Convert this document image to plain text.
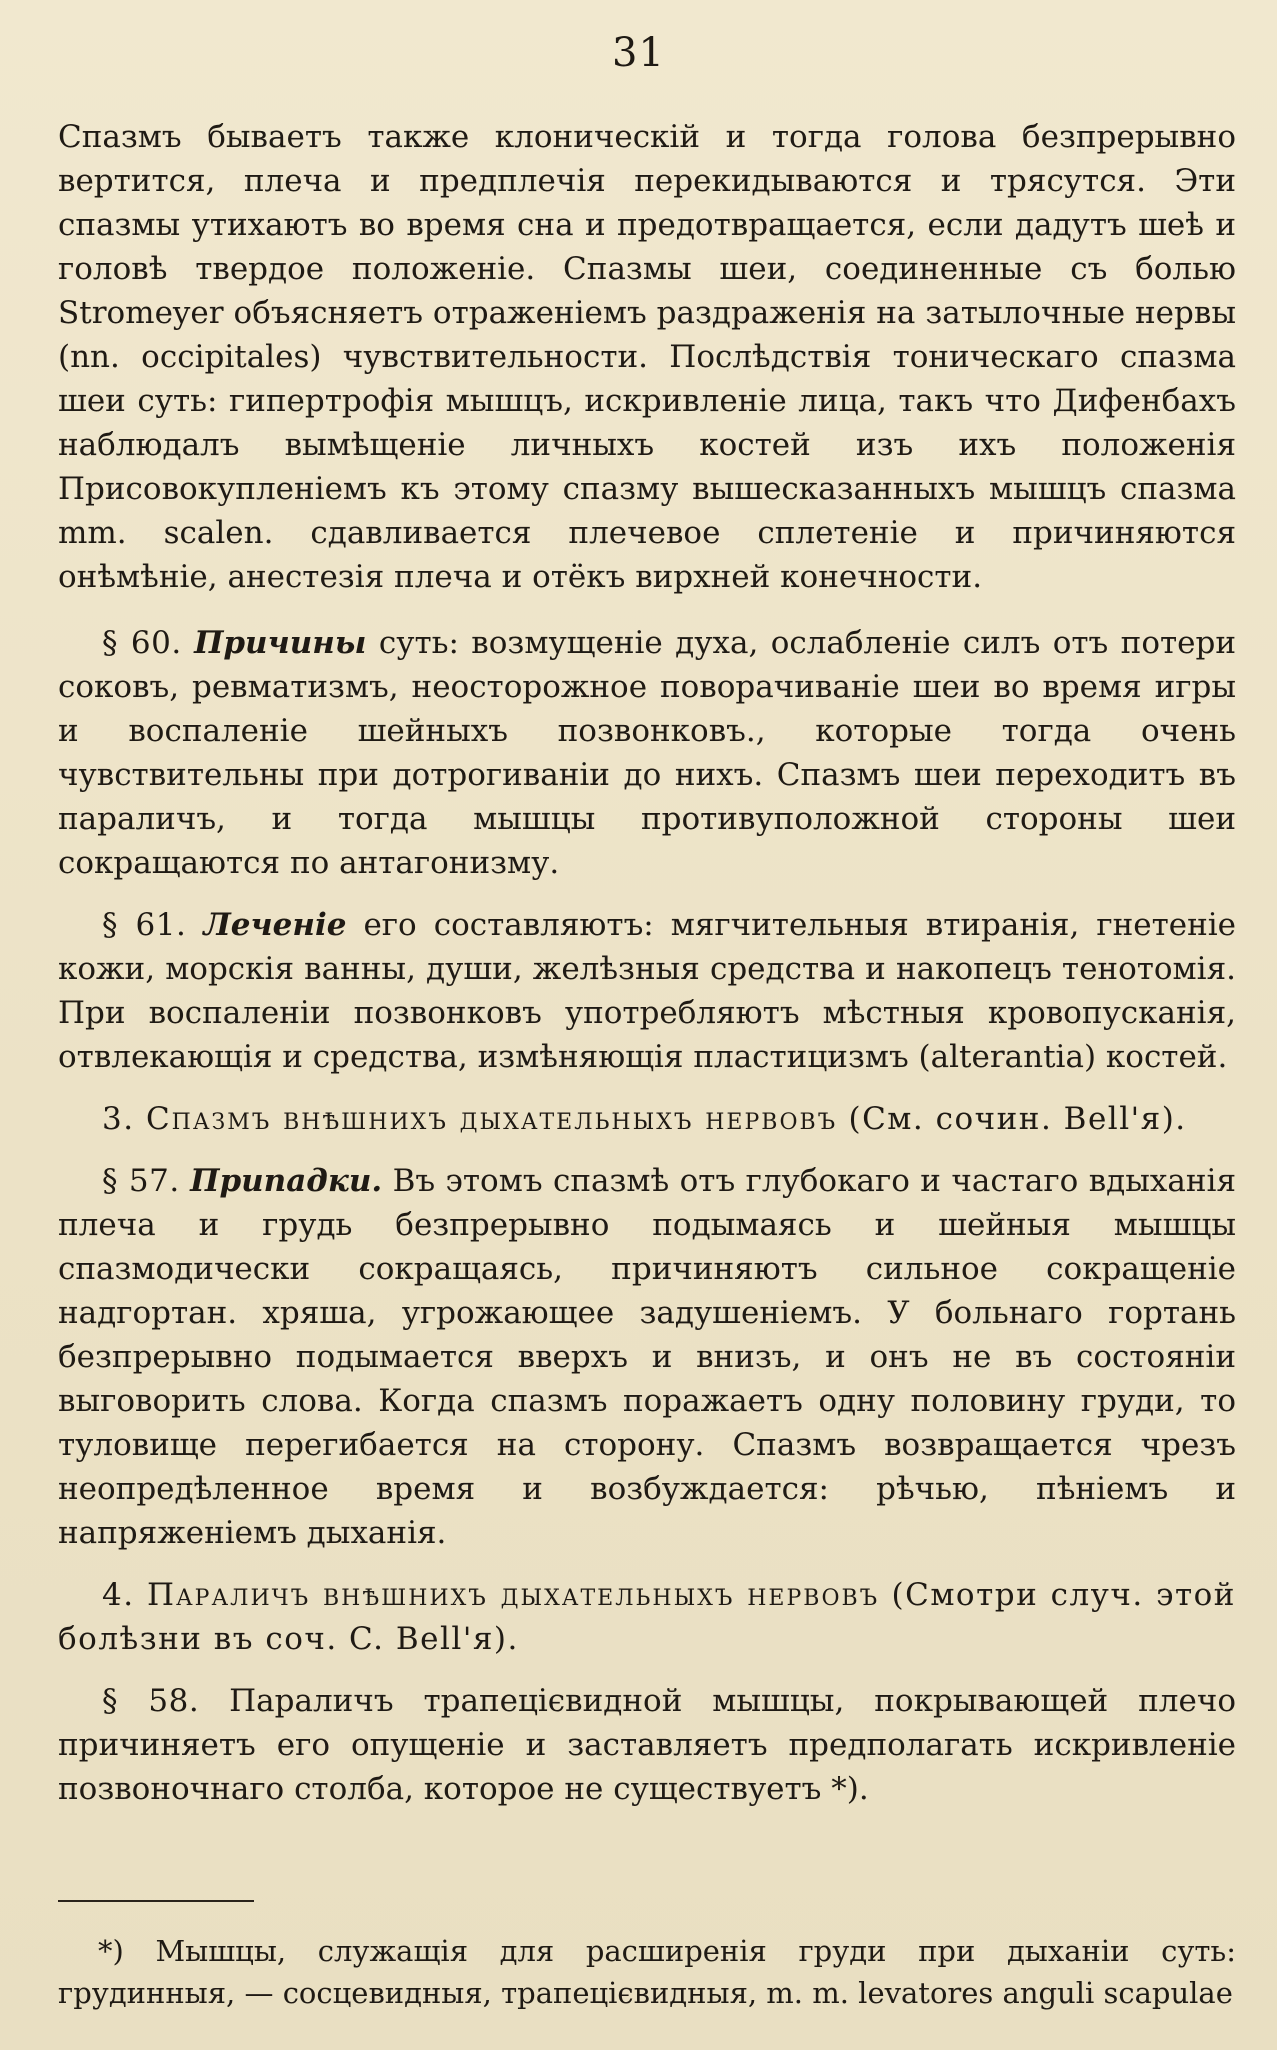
31

Спазмъ бываетъ также клоническій и тогда голова безпрерывно вертится, плеча и предплечія перекидываются и трясутся. Эти спазмы утихаютъ во время сна и предотвращается, если дадутъ шеѣ и головѣ твердое положеніе. Спазмы шеи, соединенные съ болью Stromeyer объясняетъ отраженіемъ раздраженія на затылочные нервы (nn. occipitales) чувствительности. Послѣдствія тоническаго спазма шеи суть: гипертрофія мышцъ, искривленіе лица, такъ что Дифенбахъ наблюдалъ вымѣщеніе личныхъ костей изъ ихъ положенія Присовокупленіемъ къ этому спазму вышесказанныхъ мышцъ спазма mm. scalen. сдавливается плечевое сплетеніе и причиняются онѣмѣніе, анестезія плеча и отёкъ вирхней конечности.

§ 60. Причины суть: возмущеніе духа, ослабленіе силъ отъ потери соковъ, ревматизмъ, неосторожное поворачиваніе шеи во время игры и воспаленіе шейныхъ позвонковъ., которые тогда очень чувствительны при дотрогиваніи до нихъ. Спазмъ шеи переходитъ въ параличъ, и тогда мышцы противуположной стороны шеи сокращаются по антагонизму.

§ 61. Леченіе его составляютъ: мягчительныя втиранія, гнетеніе кожи, морскія ванны, души, желѣзныя средства и накопецъ тенотомія. При воспаленіи позвонковъ употребляютъ мѣстныя кровопусканія, отвлекающія и средства, измѣняющія пластицизмъ (alterantia) костей.

3. Спазмъ внѣшнихъ дыхательныхъ нервовъ (См. сочин. Bell'я).

§ 57. Припадки. Въ этомъ спазмѣ отъ глубокаго и частаго вдыханія плеча и грудь безпрерывно подымаясь и шейныя мышцы спазмодически сокращаясь, причиняютъ сильное сокращеніе надгортан. хряша, угрожающее задушеніемъ. У больнаго гортань безпрерывно подымается вверхъ и внизъ, и онъ не въ состояніи выговорить слова. Когда спазмъ поражаетъ одну половину груди, то туловище перегибается на сторону. Спазмъ возвращается чрезъ неопредѣленное время и возбуждается: рѣчью, пѣніемъ и напряженіемъ дыханія.

4. Параличъ внѣшнихъ дыхательныхъ нервовъ (Смотри случ. этой болѣзни въ соч. C. Bell'я).

§ 58. Параличъ трапецієвидной мышцы, покрывающей плечо причиняетъ его опущеніе и заставляетъ предполагать искривленіе позвоночнаго столба, которое не существуетъ *).

*) Мышцы, служащія для расширенія груди при дыханіи суть: грудинныя, — сосцевидныя, трапецієвидныя, m. m. levatores anguli scapulae
